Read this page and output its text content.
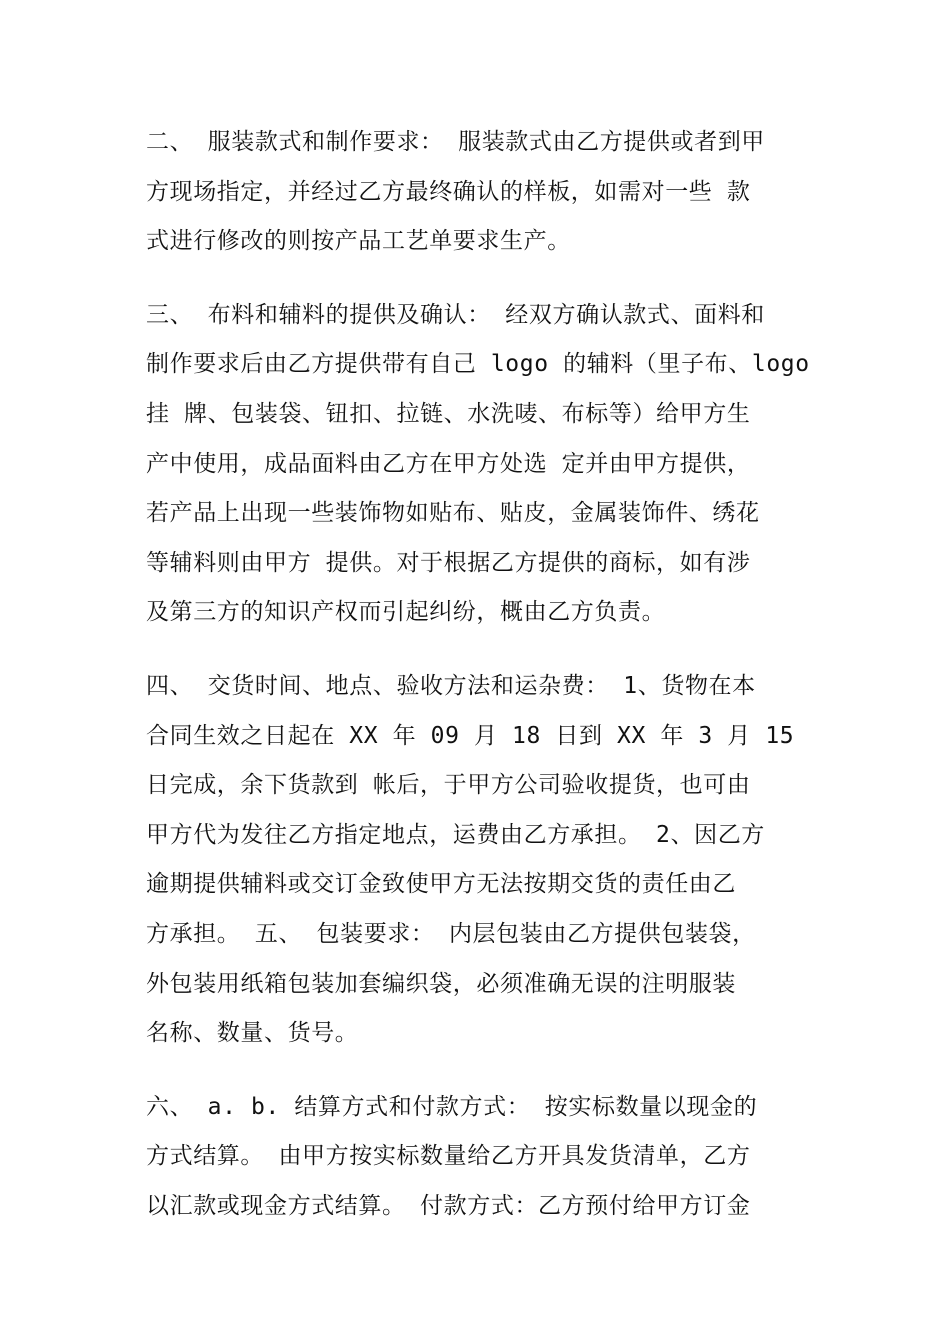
二、 服装款式和制作要求： 服装款式由乙方提供或者到甲
方现场指定，并经过乙方最终确认的样板，如需对一些 款
式进行修改的则按产品工艺单要求生产。

三、 布料和辅料的提供及确认： 经双方确认款式、面料和
制作要求后由乙方提供带有自己 logo 的辅料（里子布、logo
挂 牌、包装袋、钮扣、拉链、水洗唛、布标等）给甲方生
产中使用，成品面料由乙方在甲方处选 定并由甲方提供，
若产品上出现一些装饰物如贴布、贴皮，金属装饰件、绣花
等辅料则由甲方 提供。对于根据乙方提供的商标，如有涉
及第三方的知识产权而引起纠纷，概由乙方负责。

四、 交货时间、地点、验收方法和运杂费： 1、货物在本
合同生效之日起在 XX 年 09 月 18 日到 XX 年 3 月 15
日完成，余下货款到 帐后，于甲方公司验收提货，也可由
甲方代为发往乙方指定地点，运费由乙方承担。 2、因乙方
逾期提供辅料或交订金致使甲方无法按期交货的责任由乙
方承担。 五、 包装要求： 内层包装由乙方提供包装袋，
外包装用纸箱包装加套编织袋，必须准确无误的注明服装
名称、数量、货号。

六、 a. b. 结算方式和付款方式： 按实标数量以现金的
方式结算。 由甲方按实标数量给乙方开具发货清单，乙方
以汇款或现金方式结算。 付款方式：乙方预付给甲方订金
